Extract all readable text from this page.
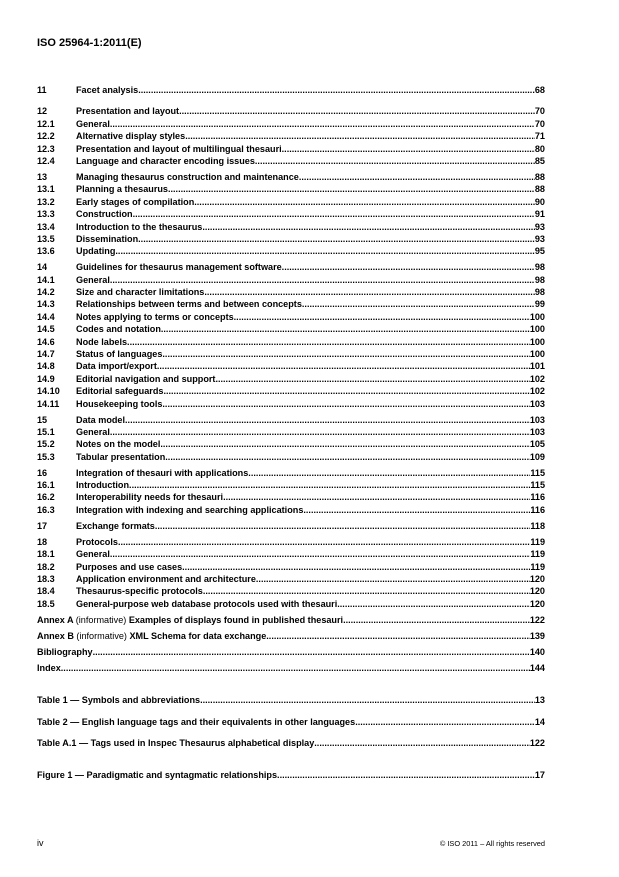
ISO 25964-1:2011(E)
11	Facet analysis .....	68
12	Presentation and layout .....	70
12.1	General .....	70
12.2	Alternative display styles .....	71
12.3	Presentation and layout of multilingual thesauri .....	80
12.4	Language and character encoding issues .....	85
13	Managing thesaurus construction and maintenance .....	88
13.1	Planning a thesaurus .....	88
13.2	Early stages of compilation .....	90
13.3	Construction .....	91
13.4	Introduction to the thesaurus .....	93
13.5	Dissemination .....	93
13.6	Updating .....	95
14	Guidelines for thesaurus management software .....	98
14.1	General .....	98
14.2	Size and character limitations .....	98
14.3	Relationships between terms and between concepts .....	99
14.4	Notes applying to terms or concepts .....	100
14.5	Codes and notation .....	100
14.6	Node labels .....	100
14.7	Status of languages .....	100
14.8	Data import/export .....	101
14.9	Editorial navigation and support .....	102
14.10	Editorial safeguards .....	102
14.11	Housekeeping tools .....	103
15	Data model .....	103
15.1	General .....	103
15.2	Notes on the model .....	105
15.3	Tabular presentation .....	109
16	Integration of thesauri with applications .....	115
16.1	Introduction .....	115
16.2	Interoperability needs for thesauri .....	116
16.3	Integration with indexing and searching applications .....	116
17	Exchange formats .....	118
18	Protocols .....	119
18.1	General .....	119
18.2	Purposes and use cases .....	119
18.3	Application environment and architecture .....	120
18.4	Thesaurus-specific protocols .....	120
18.5	General-purpose web database protocols used with thesauri .....	120
Annex A (informative) Examples of displays found in published thesauri .....	122
Annex B (informative) XML Schema for data exchange .....	139
Bibliography .....	140
Index .....	144
Table 1 — Symbols and abbreviations .....	13
Table 2 — English language tags and their equivalents in other languages .....	14
Table A.1 — Tags used in Inspec Thesaurus alphabetical display .....	122
Figure 1 — Paradigmatic and syntagmatic relationships .....	17
iv	© ISO 2011 – All rights reserved
